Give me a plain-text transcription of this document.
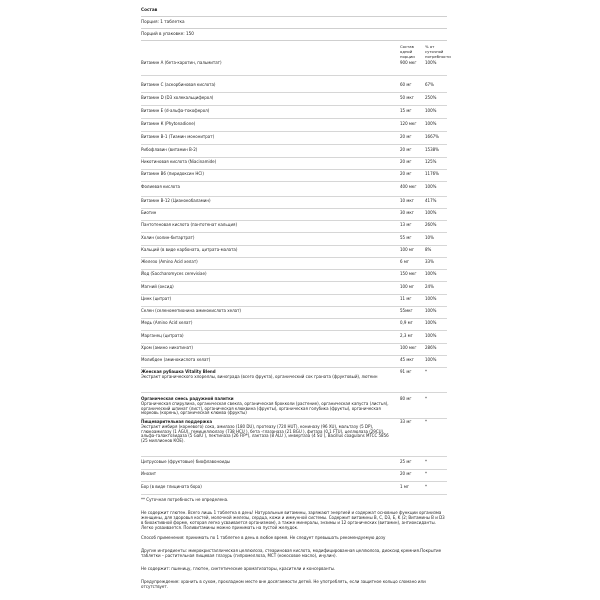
Состав
Порция: 1 таблетка
Порций в упаковке: 150
Состав одной порции
% от суточной потребности
Витамин А (бета-каротин, пальмитат)	900 мкг	100%
Витамин С (аскорбиновая кислота)	60 мг	67%
Витамин D (D3 холекальциферол)	50 мкг	250%
Витамин Е (d-альфа-токоферол)	15 мг	100%
Витамин К (Phytonadione)	120 мкг	100%
Витамин В-1 (Тиамин мононитрат)	20 мг	1667%
Рибофлавин (витамин В-2)	20 мг	1538%
Никотиновая кислота (Niacinamide)	20 мг	125%
Витамин В6 (пиридоксин HCl)	20 мг	1176%
Фолиевая кислота	400 мкг	100%
Витамин В-12 (Цианокобаламин)	10 мкг	417%
Биотин	30 мкг	100%
Пантотеновая кислота (пантотенат кальция)	13 мг	260%
Холин (холин-битартрат)	55 мг	10%
Кальций (в виде карбоната, цитрата-малата)	100 мг	8%
Железо (Amino Acid хелат)	6 мг	33%
Йод (Saccharomyces cerevisiae)	150 мкг	100%
Магний (оксид)	100 мг	24%
Цинк (цитрат)	11 мг	100%
Селен (селенометионина аминокислота хелат)	55мкг	100%
Медь (Amino Acid хелат)	0,9 мг	100%
Марганец (цитрата)	2,3 мг	100%
Хром (амино никотинат)	100 мкг	286%
Молибден (аминокислота хелат)	45 мкг	100%
Женская рубашка Vitality Blend
Экстракт органического хлореллы, винограда (всего фрукта), органический сок граната (фруктовый), лютеин
91 мг	*
Органическая смесь радужной палитки
Органическая спирулина, органическая свекла, органическая брокколи (растение), органическая капуста (листья), органический шпинат (лист), органическая клюквина (фрукты), органическая голубика (фрукты), органическая морковь (корень), органическая клюква (фрукты)
80 мг	*
Пищеварительная поддержка
Экстракт имбиря (корневого) сока, амилазо (180 DU), протеазу (720 HUT), кониназу (96 XU), мальтазу (5 DP), глюкоамилазу (1 AGU), гемицеллюлазу (738 HCU ), бета -глазаназа (21 BGU ), фитаза (0,1 FTU), целлюлаза (29CU), альфа-галактозидаза (5 GalU ), пектиназа (26 FIP*), лактаза (8 ALU ), инвертаза (4 SU ), Bacillus coagulans MTCC 5856 (25 миллионов КОЕ).
33 мг	*
Цитрусовые (фруктовые) биофлавоноиды	25 мг	*
Инозит	20 мг	*
Бор (в виде глицината бора)	1 мг	*
** Суточная потребность не определена.
Не содержит глютен. Всего лишь 1 таблетка в день! Натуральные витамины, заряжают энергией и содержат основные функции организма женщины, для здоровья костей, молочной железы, сердца, кожи и иммунной системы. Содержит витамины B, C, D3, E, K (2; Витамины В и D3 в биоактивной форме, которая легко усваивается организмом), а также минералы, энзимы и 12 органических (витамин), антиоксиданты. Легко усваивается. Поливитамины можно принимать на пустой желудок.
Способ применения: принимать по 1 таблетке в день в любое время. Не следует превышать рекомендуемую дозу
Другие ингредиенты: микрокристаллическая целлюлоза, стеариновая кислота, модифицированная целлюлоза, диоксид кремния.Покрытие таблетки – растительная пищевая глазурь (гипромеллоза, МСТ (кокосовое масло), инулин).
Не содержит: пшеницу, глютен, синтетические ароматизаторы, красители и консерванты.
Предупреждение: хранить в сухом, прохладном месте вне досягаемости детей. Не употреблять, если защитное кольцо сломано или отсутствует.
